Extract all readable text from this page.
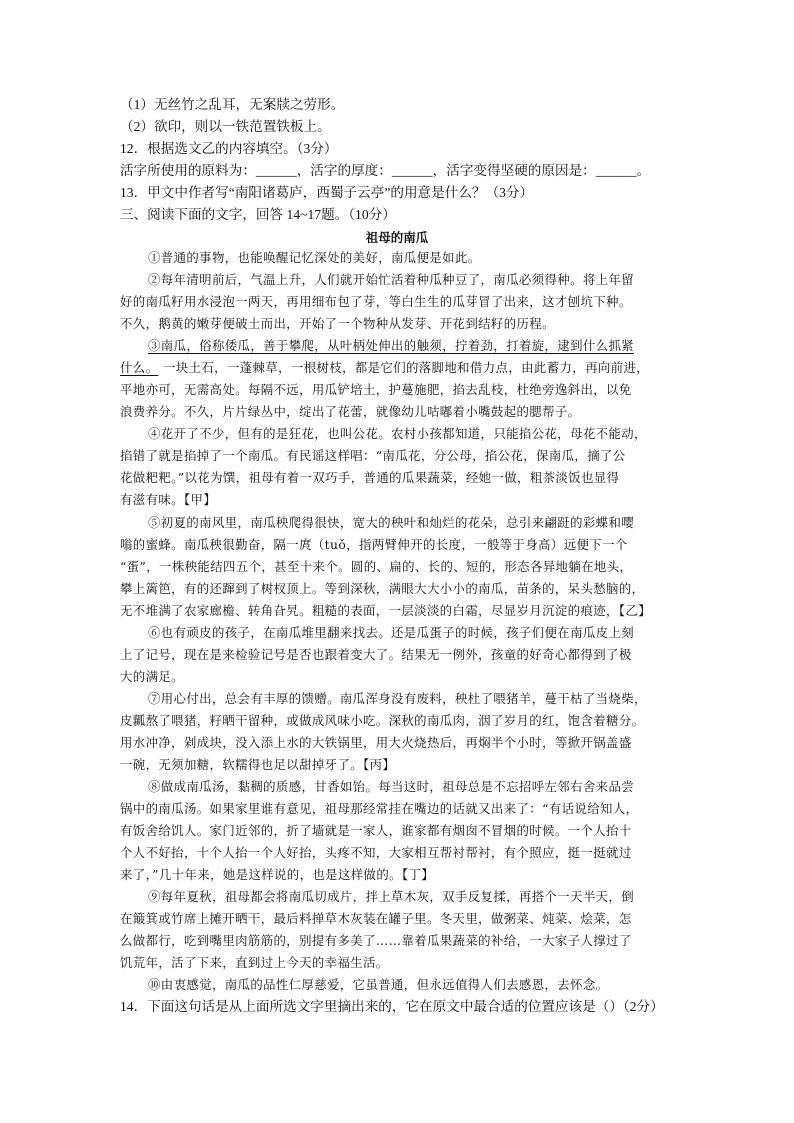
（1）无丝竹之乱耳，无案牍之劳形。
（2）欲印，则以一铁范置铁板上。
12．根据选文乙的内容填空。（3分）
活字所使用的原料为：______，活字的厚度：______，活字变得坚硬的原因是：______。
13．甲文中作者写“南阳诸葛庐，西蜀子云亭”的用意是什么？（3分）
三、阅读下面的文字，回答 14~17题。（10分）
祖母的南瓜
①普通的事物，也能唤醒记忆深处的美好，南瓜便是如此。
②每年清明前后，气温上升，人们就开始忙活着种瓜种豆了，南瓜必须得种。将上年留
好的南瓜籽用水浸泡一两天，再用细布包了芽，等白生生的瓜芽冒了出来，这才刨坑下种。
不久，鹅黄的嫩芽便破土而出，开始了一个物种从发芽、开花到结籽的历程。
③南瓜，俗称倭瓜，善于攀爬，从叶柄处伸出的触须，拧着劲，打着旋，逮到什么抓紧
什么。 一块土石，一蓬棘草，一根树枝，都是它们的落脚地和借力点，由此蓄力，再向前进，
平地亦可，无需高处。每隔不远，用瓜铲培土，护蔓施肥，掐去乱枝，杜绝旁逸斜出，以免
浪费养分。不久，片片绿丛中，绽出了花蕾，就像幼儿咕嘟着小嘴鼓起的腮帮子。
④花开了不少，但有的是狂花，也叫公花。农村小孩都知道，只能掐公花，母花不能动，
掐错了就是掐掉了一个南瓜。有民谣这样唱：“南瓜花，分公母，掐公花，保南瓜，摘了公
花做粑粑。”以花为馔，祖母有着一双巧手，普通的瓜果蔬菜，经她一做，粗茶淡饭也显得
有滋有味。【甲】
⑤初夏的南风里，南瓜秧爬得很快，宽大的秧叶和灿烂的花朵，总引来翩跹的彩蝶和嘤
嗡的蜜蜂。南瓜秧很勤奋，隔一庹（tuǒ，指两臂伸开的长度，一般等于身高）远便下一个
“蛋”，一株秧能结四五个，甚至十来个。圆的、扁的、长的、短的，形态各异地躺在地头，
攀上篱笆，有的还蹿到了树杈顶上。等到深秋，满眼大大小小的南瓜，苗条的，呆头愁脑的，
无不堆满了农家廊檐、转角旮旯。粗糙的表面，一层淡淡的白霜，尽显岁月沉淀的痕迹，【乙】
⑥也有顽皮的孩子，在南瓜堆里翻来找去。还是瓜蛋子的时候，孩子们便在南瓜皮上刻
上了记号，现在是来检验记号是否也跟着变大了。结果无一例外，孩童的好奇心都得到了极
大的满足。
⑦用心付出，总会有丰厚的馈赠。南瓜浑身没有废料，秧杜了喂猪羊，蔓干枯了当烧柴，
皮瓤熬了喂猪，籽晒干留种，或做成风味小吃。深秋的南瓜肉，洇了岁月的红，饱含着糖分。
用水冲净，剁成块，没入添上水的大铁锅里，用大火烧热后，再焖半个小时，等掀开锅盖盛
一碗，无须加糖，软糯得也足以甜掉牙了。【丙】
⑧做成南瓜汤，黏稠的质感，甘香如饴。每当这时，祖母总是不忘招呼左邻右舍来品尝
锅中的南瓜汤。如果家里谁有意见，祖母那经常挂在嘴边的话就又出来了：“有话说给知人，
有饭舍给饥人。家门近邻的，折了墙就是一家人，谁家都有烟囱不冒烟的时候。一个人抬十
个人不好抬，十个人抬一个人好抬，头疼不知，大家相互帮衬帮衬，有个照应，挺一挺就过
来了，”几十年来，她是这样说的，也是这样做的。【丁】
⑨每年夏秋，祖母都会将南瓜切成片，拌上草木灰，双手反复揉，再搭个一天半天，倒
在簸箕或竹席上摊开晒干，最后料掸草木灰装在罐子里。冬天里，做粥菜、炖菜、烩菜，怎
么做都行，吃到嘴里肉筋筋的，别提有多美了……靠着瓜果蔬菜的补给，一大家子人撑过了
饥荒年，活了下来，直到过上今天的幸福生活。
⑩由衷感觉，南瓜的品性仁厚慈爱，它虽普通，但永远值得人们去感恩，去怀念。
14．下面这句话是从上面所选文字里摘出来的，它在原文中最合适的位置应该是（）（2分）
